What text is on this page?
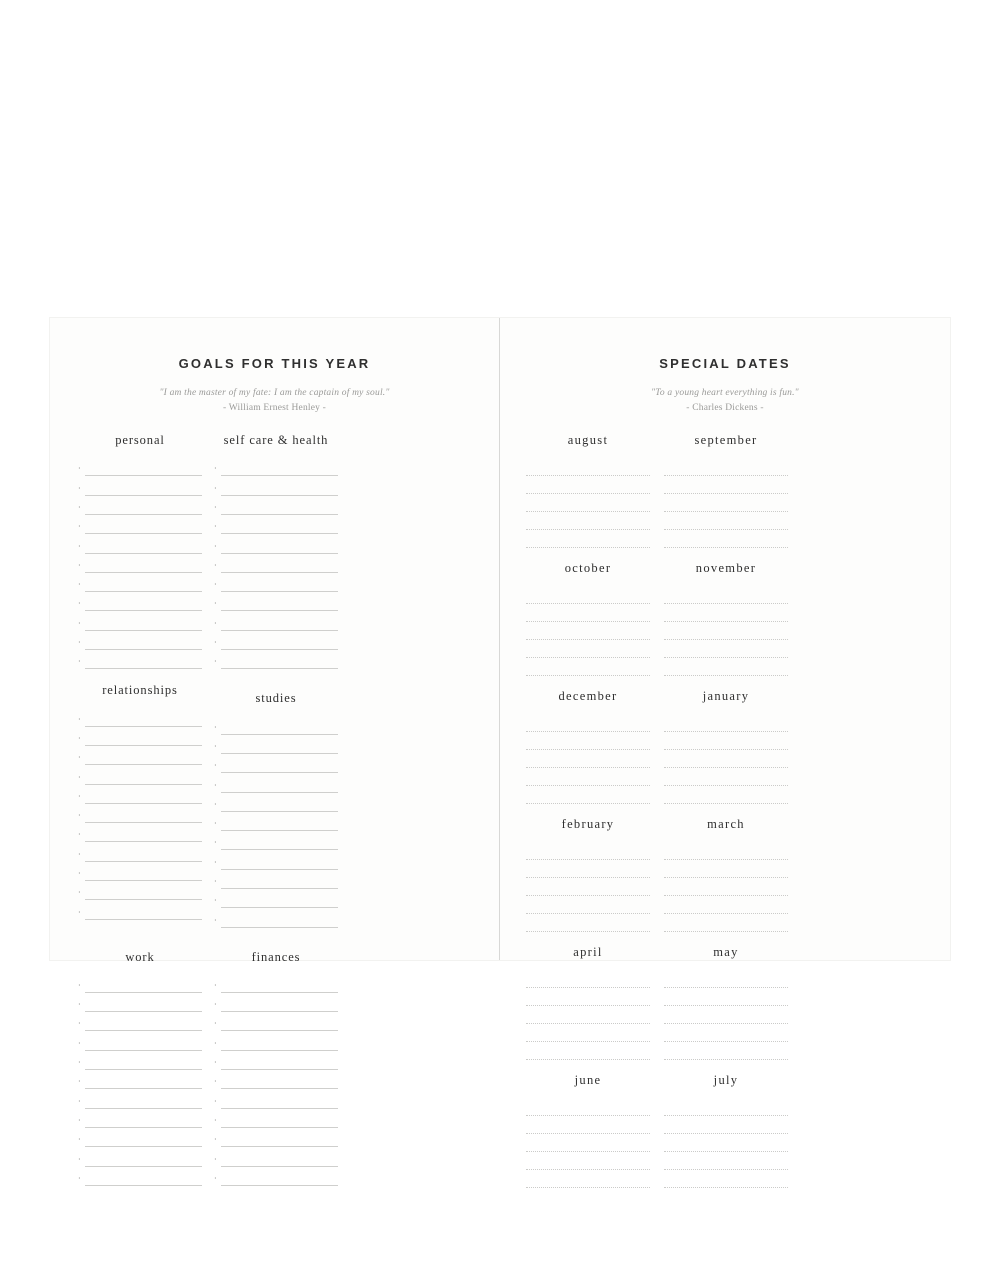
GOALS FOR THIS YEAR
"I am the master of my fate: I am the captain of my soul."
- William Ernest Henley -
personal
·
·
·
·
·
·
·
·
·
·
·
self care & health
·
·
·
·
·
·
·
·
·
·
·
relationships
·
·
·
·
·
·
·
·
·
·
·
studies
·
·
·
·
·
·
·
·
·
·
·
work
·
·
·
·
·
·
·
·
·
·
·
finances
·
·
·
·
·
·
·
·
·
·
·
SPECIAL DATES
"To a young heart everything is fun."
- Charles Dickens -
august	september
october	november
december	january
february	march
april	may
june	july
